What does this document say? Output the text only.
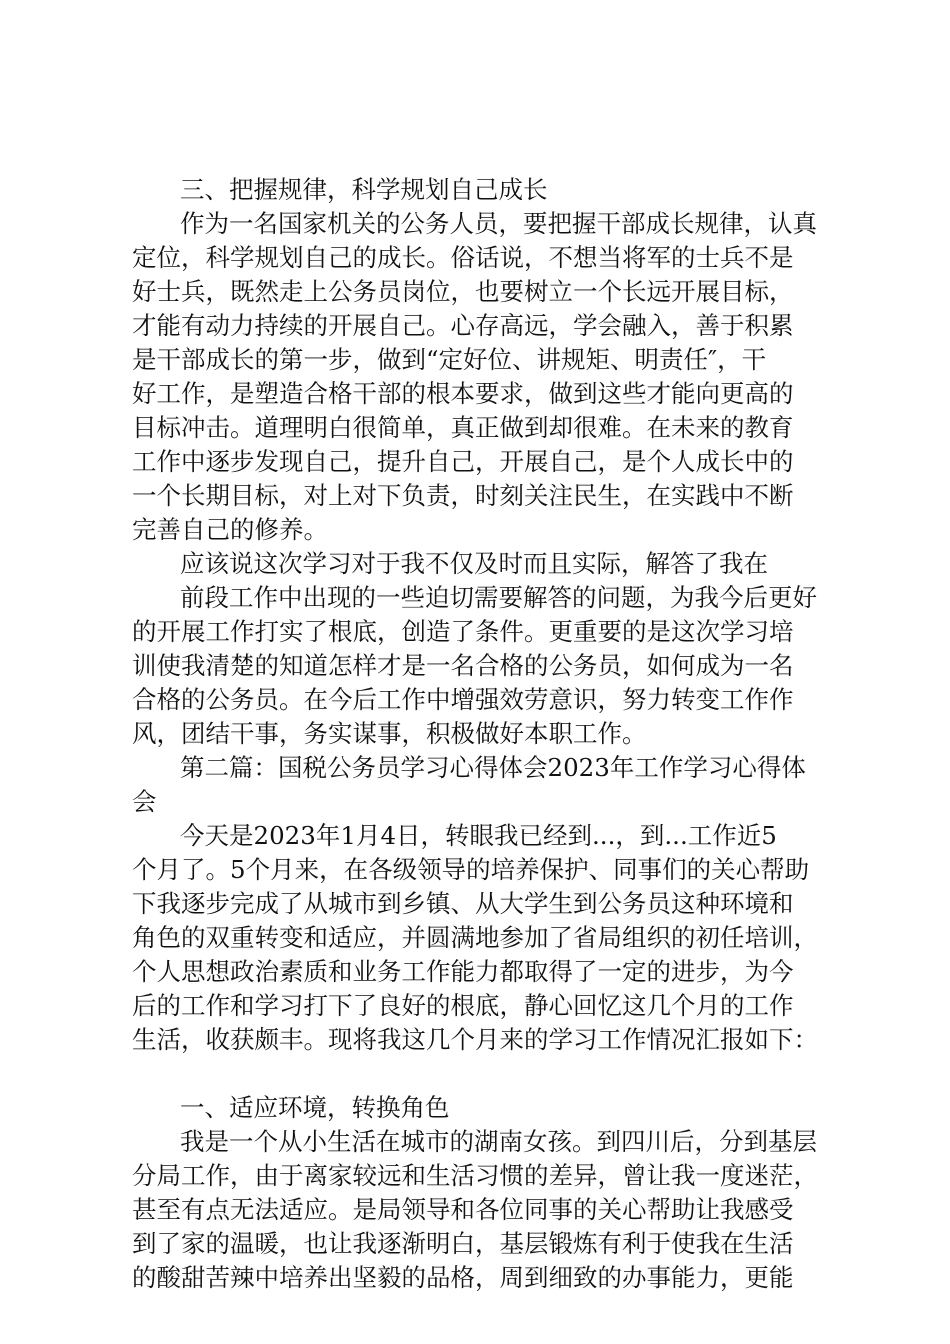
三、把握规律，科学规划自己成长
作为一名国家机关的公务人员，要把握干部成长规律，认真
定位，科学规划自己的成长。俗话说，不想当将军的士兵不是
好士兵，既然走上公务员岗位，也要树立一个长远开展目标，
才能有动力持续的开展自己。心存高远，学会融入，善于积累
是干部成长的第一步，做到“定好位、讲规矩、明责任″，干
好工作，是塑造合格干部的根本要求，做到这些才能向更高的
目标冲击。道理明白很简单，真正做到却很难。在未来的教育
工作中逐步发现自己，提升自己，开展自己，是个人成长中的
一个长期目标，对上对下负责，时刻关注民生，在实践中不断
完善自己的修养。
应该说这次学习对于我不仅及时而且实际，解答了我在
前段工作中出现的一些迫切需要解答的问题，为我今后更好
的开展工作打实了根底，创造了条件。更重要的是这次学习培
训使我清楚的知道怎样才是一名合格的公务员，如何成为一名
合格的公务员。在今后工作中增强效劳意识，努力转变工作作
风，团结干事，务实谋事，积极做好本职工作。
第二篇：国税公务员学习心得体会2023年工作学习心得体
会
今天是2023年1月4日，转眼我已经到...，到...工作近5
个月了。5个月来，在各级领导的培养保护、同事们的关心帮助
下我逐步完成了从城市到乡镇、从大学生到公务员这种环境和
角色的双重转变和适应，并圆满地参加了省局组织的初任培训，
个人思想政治素质和业务工作能力都取得了一定的进步，为今
后的工作和学习打下了良好的根底，静心回忆这几个月的工作
生活，收获颇丰。现将我这几个月来的学习工作情况汇报如下：
一、适应环境，转换角色
我是一个从小生活在城市的湖南女孩。到四川后，分到基层
分局工作，由于离家较远和生活习惯的差异，曾让我一度迷茫，
甚至有点无法适应。是局领导和各位同事的关心帮助让我感受
到了家的温暖，也让我逐渐明白，基层锻炼有利于使我在生活
的酸甜苦辣中培养出坚毅的品格，周到细致的办事能力，更能
